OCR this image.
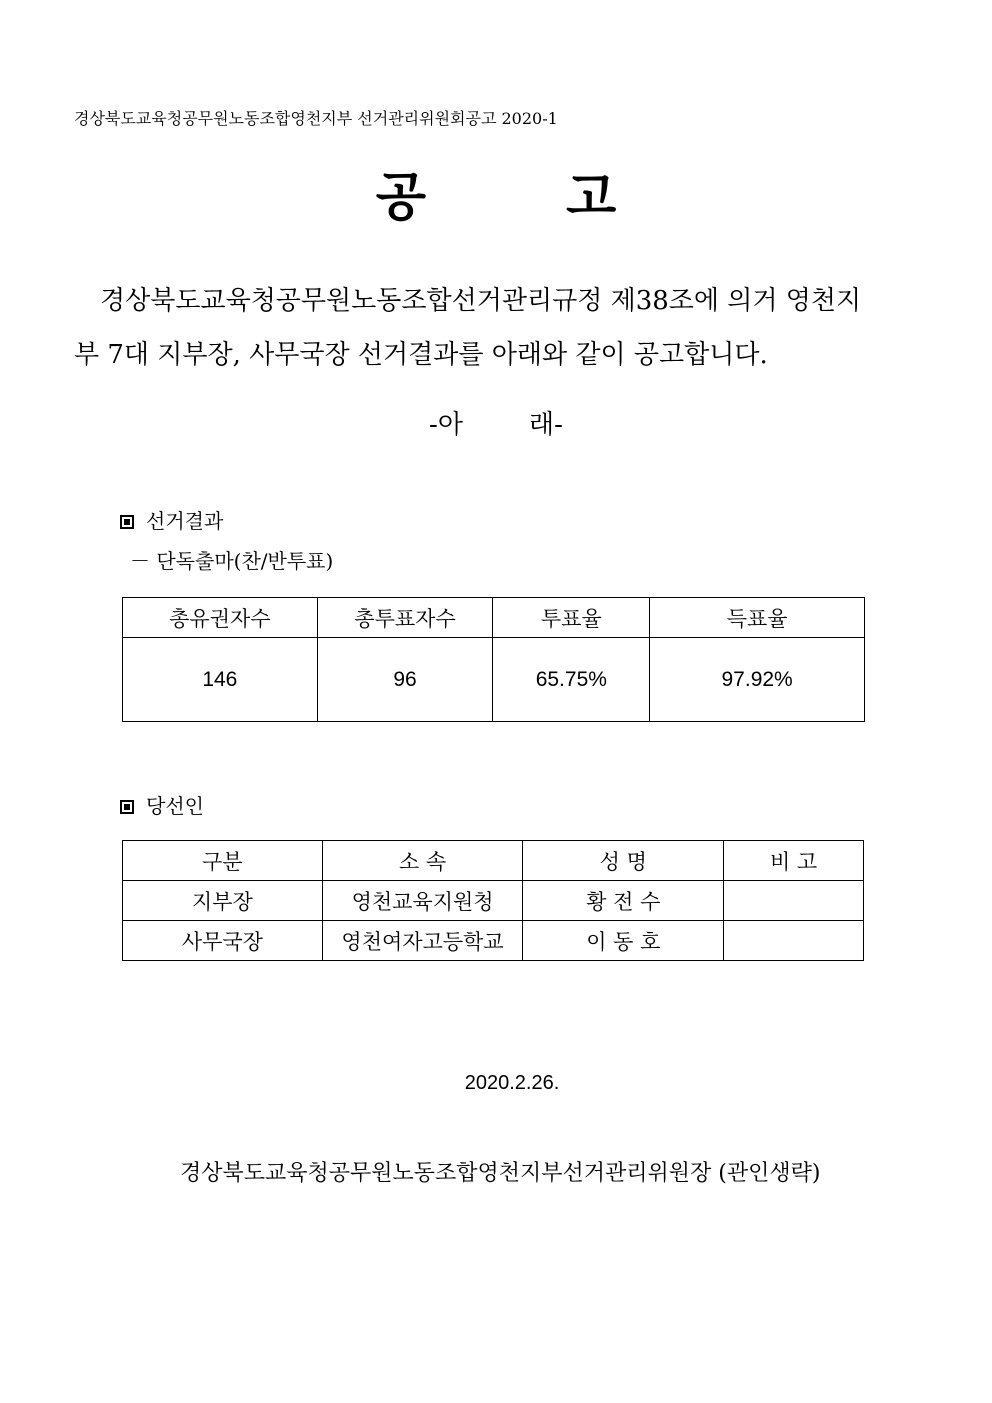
경상북도교육청공무원노동조합영천지부 선거관리위원회공고 2020-1
공고
경상북도교육청공무원노동조합선거관리규정 제38조에 의거 영천지
부 7대 지부장, 사무국장 선거결과를 아래와 같이 공고합니다.
-아        래-
선거결과
－ 단독출마(찬/반투표)
총유권자수	총투표자수	투표율	득표율
146	96	65.75%	97.92%
당선인
구분	소 속	성 명	비 고
지부장	영천교육지원청	황 전 수	
사무국장	영천여자고등학교	이 동 호	
2020.2.26.
경상북도교육청공무원노동조합영천지부선거관리위원장 (관인생략)
